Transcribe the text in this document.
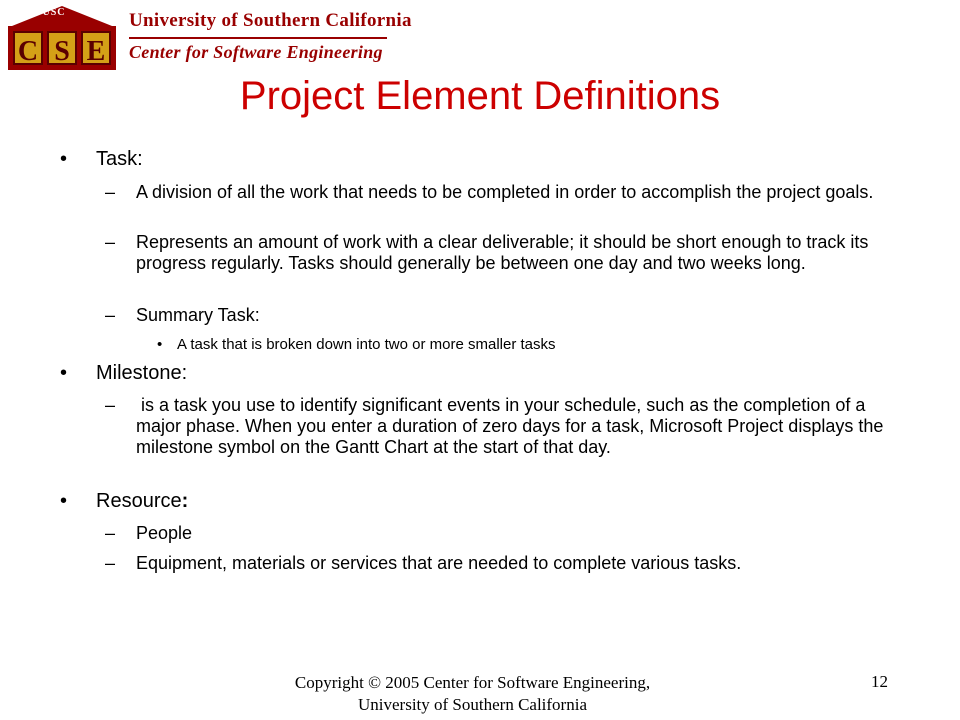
C S E
USC	University of Southern California
Center for Software Engineering
Project Element Definitions
• Task:
– A division of all the work that needs to be completed in order to accomplish the project goals.
– Represents an amount of work with a clear deliverable; it should be short enough to track its progress regularly. Tasks should generally be between one day and two weeks long.
– Summary Task:
• A task that is broken down into two or more smaller tasks
• Milestone:
– is a task you use to identify significant events in your schedule, such as the completion of a major phase. When you enter a duration of zero days for a task, Microsoft Project displays the milestone symbol on the Gantt Chart at the start of that day.
• Resource:
– People
– Equipment, materials or services that are needed to complete various tasks.
Copyright © 2005 Center for Software Engineering,
University of Southern California
12
